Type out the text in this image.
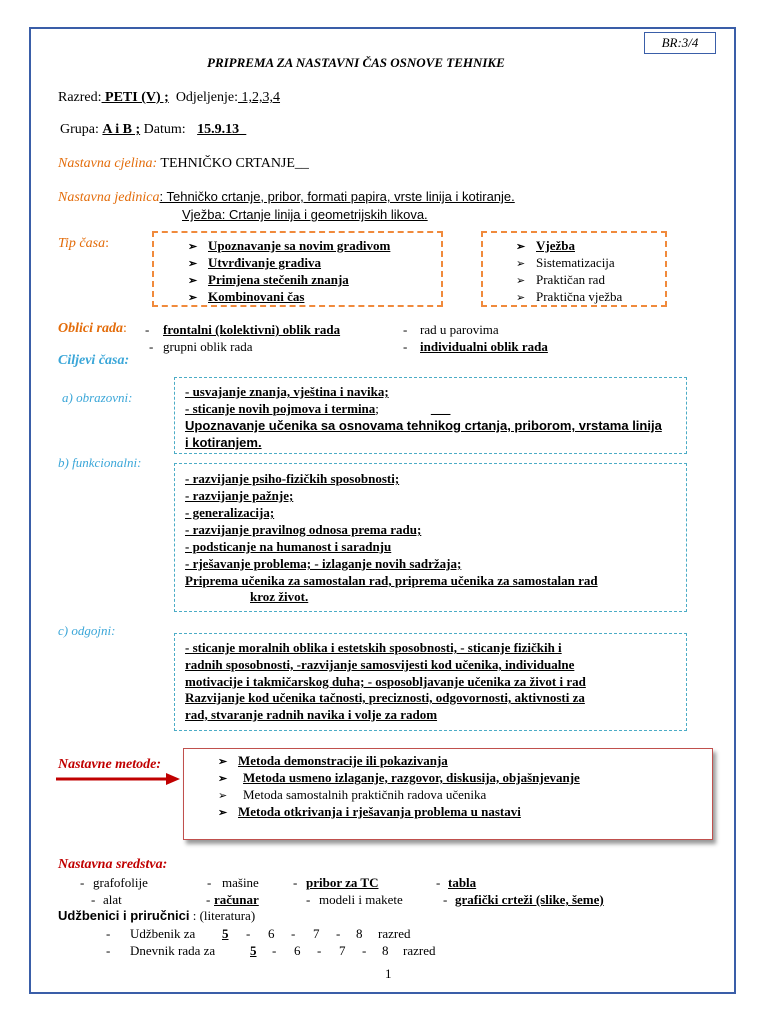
BR:3/4
PRIPREMA ZA NASTAVNI ČAS OSNOVE TEHNIKE
Razred: PETI (V) ; Odjeljenje: 1,2,3,4
Grupa: A i B ; Datum: 15.9.13_
Nastavna cjelina: TEHNIČKO CRTANJE__
Nastavna jedinica: Tehničko crtanje, pribor, formati papira, vrste linija i kotiranje.
Vježba: Crtanje linija i geometrijskih likova.
Tip časa:	➢ Upoznavanje sa novim gradivom
➢ Utvrđivanje gradiva
➢ Primjena stečenih znanja
➢ Kombinovani čas
➢ Vježba
➢ Sistematizacija
➢ Praktičan rad
➢ Praktična vježba
Oblici rada: - frontalni (kolektivni) oblik rada	- rad u parovima
- grupni oblik rada	- individualni oblik rada
Ciljevi časa:
a) obrazovni:	- usvajanje znanja, vještina i navika;
- sticanje novih pojmova i termina;	___
Upoznavanje učenika sa osnovama tehnikog crtanja, priborom, vrstama linija
i kotiranjem.
b) funkcionalni:
- razvijanje psiho-fizičkih sposobnosti;
- razvijanje pažnje;
- generalizacija;
- razvijanje pravilnog odnosa prema radu;
- podsticanje na humanost i saradnju
- rješavanje problema; - izlaganje novih sadržaja;
Priprema učenika za samostalan rad, priprema učenika za samostalan rad
kroz život.
c) odgojni:
- sticanje moralnih oblika i estetskih sposobnosti, - sticanje fizičkih i
radnih sposobnosti, -razvijanje samosvijesti kod učenika, individualne
motivacije i takmičarskog duha; - osposobljavanje učenika za život i rad
Razvijanje kod učenika tačnosti, preciznosti, odgovornosti, aktivnosti za
rad, stvaranje radnih navika i volje za radom
Nastavne metode:	➢ Metoda demonstracije ili pokazivanja
➢ Metoda usmeno izlaganje, razgovor, diskusija, objašnjevanje
➢ Metoda samostalnih praktičnih radova učenika
➢ Metoda otkrivanja i rješavanja problema u nastavi
Nastavna sredstva:
- grafofolije	- mašine	- pribor za TC	- tabla
- alat	- računar	- modeli i makete	- grafički crteži (slike, šeme)
Udžbenici i priručnici : (literatura)
- Udžbenik za 5 - 6 - 7 - 8 razred
- Dnevnik rada za	5 - 6 - 7 - 8 razred
1
